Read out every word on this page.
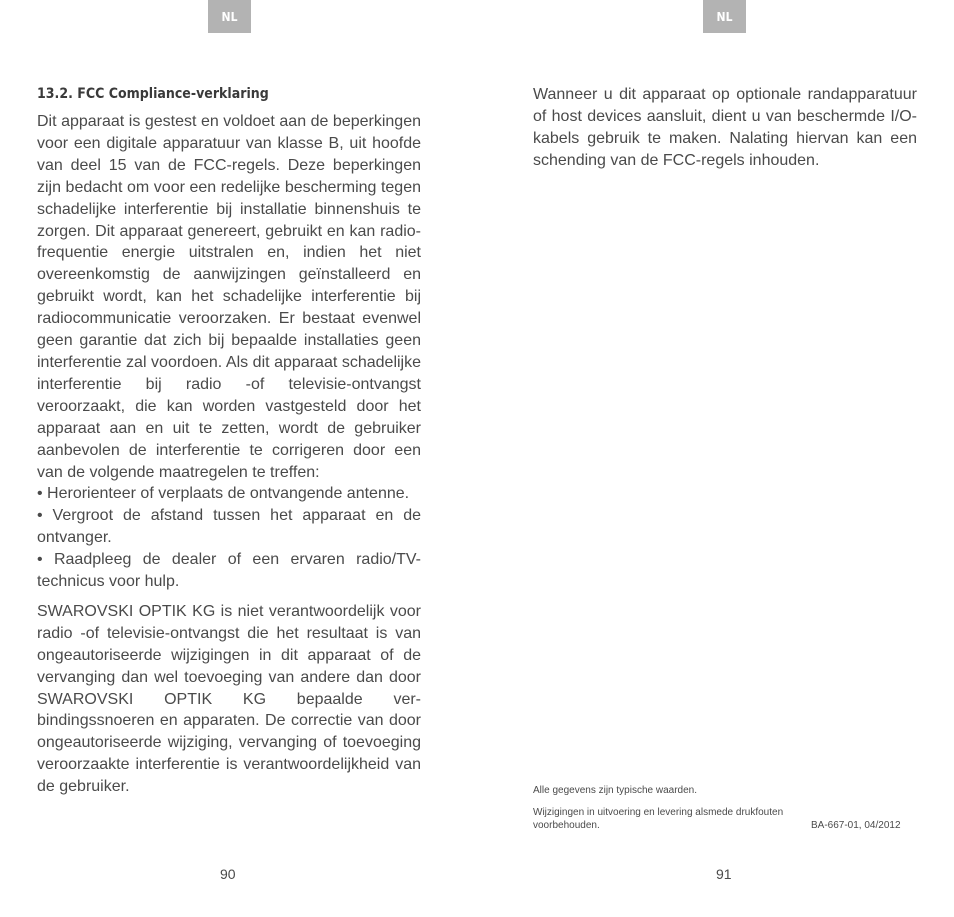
NL	NL
13.2. FCC Compliance-verklaring

Dit apparaat is gestest en voldoet aan de beperkingen voor een digitale apparatuur van klasse B, uit hoofde van deel 15 van de FCC-regels. Deze beperkingen zijn bedacht om voor een redelijke bescherming tegen schadelijke interferentie bij installatie binnenshuis te zorgen. Dit apparaat genereert, gebruikt en kan radio-frequentie energie uitstralen en, indien het niet overeenkomstig de aanwijzingen geïnstalleerd en gebruikt wordt, kan het schadelijke interferentie bij radiocommunicatie veroorzaken. Er bestaat evenwel geen garantie dat zich bij bepaalde installaties geen interferentie zal voordoen. Als dit apparaat schadelijke interferentie bij radio -of televisie-ontvangst veroorzaakt, die kan worden vastgesteld door het apparaat aan en uit te zetten, wordt de gebruiker aanbevolen de interferentie te corrigeren door een van de volgende maatregelen te treffen:

• Herorienteer of verplaats de ontvangende antenne.

• Vergroot de afstand tussen het apparaat en de ontvanger.

• Raadpleeg de dealer of een ervaren radio/TV-technicus voor hulp.

SWAROVSKI OPTIK KG is niet verantwoordelijk voor radio -of televisie-ontvangst die het resultaat is van ongeautoriseerde wijzigingen in dit apparaat of de vervanging dan wel toevoeging van andere dan door SWAROVSKI OPTIK KG bepaalde verbindingssnoeren en apparaten. De correctie van door ongeautoriseerde wijziging, vervanging of toevoeging veroorzaakte interferentie is verantwoordelijkheid van de gebruiker.

Wanneer u dit apparaat op optionale randapparatuur of host devices aansluit, dient u van beschermde I/O-kabels gebruik te maken. Nalating hiervan kan een schending van de FCC-regels inhouden.

Alle gegevens zijn typische waarden.
Wijzigingen in uitvoering en levering alsmede drukfouten voorbehouden.	BA-667-01, 04/2012
90	91
